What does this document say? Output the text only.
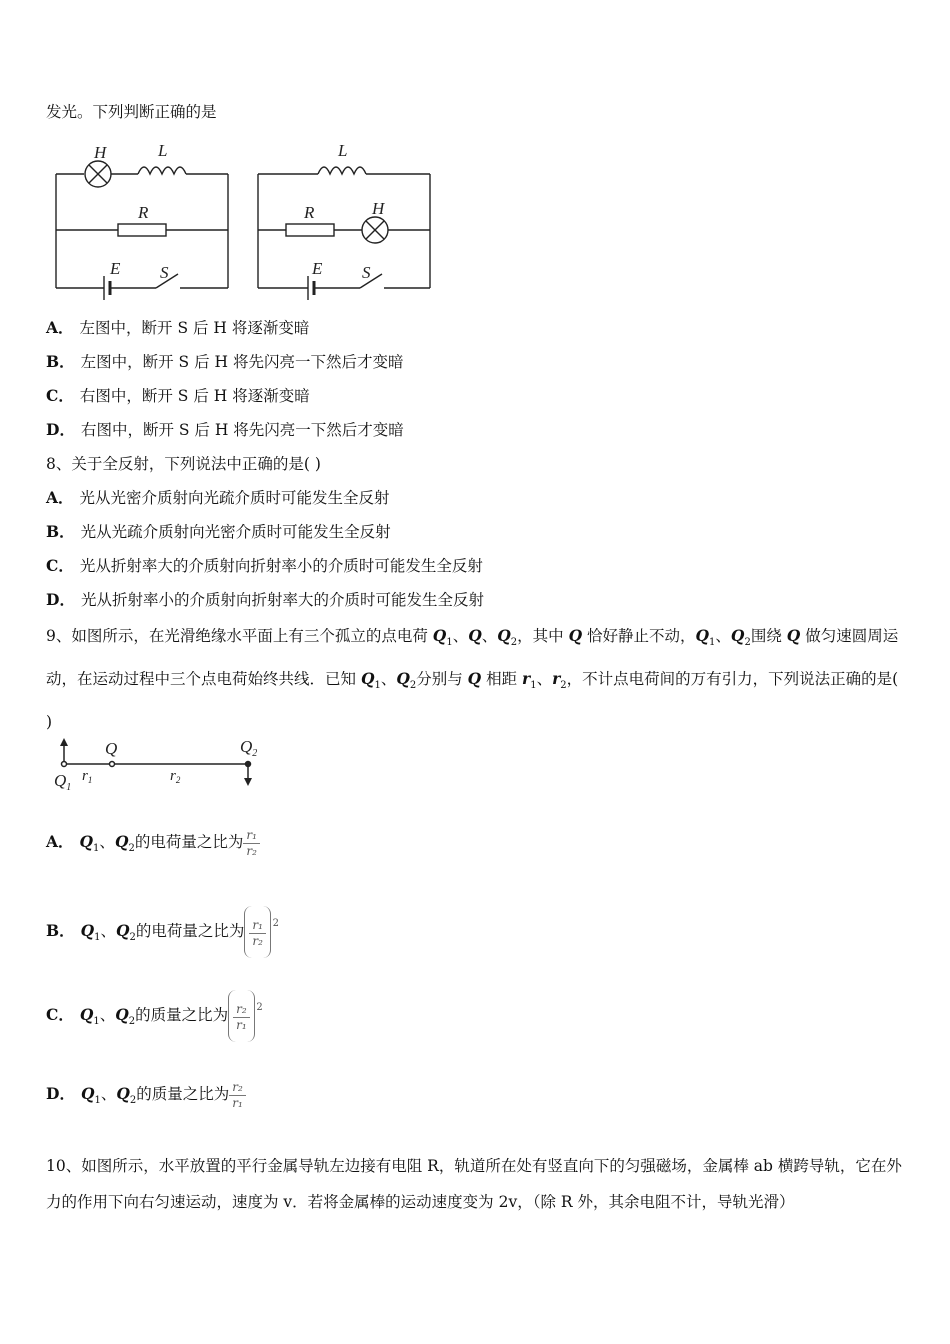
发光。下列判断正确的是
H	L
R
E S
L
R	H
E S
A． 左图中，断开 S 后 H 将逐渐变暗
B． 左图中，断开 S 后 H 将先闪亮一下然后才变暗
C． 右图中，断开 S 后 H 将逐渐变暗
D． 右图中，断开 S 后 H 将先闪亮一下然后才变暗
8、关于全反射，下列说法中正确的是( )
A． 光从光密介质射向光疏介质时可能发生全反射
B． 光从光疏介质射向光密介质时可能发生全反射
C． 光从折射率大的介质射向折射率小的介质时可能发生全反射
D． 光从折射率小的介质射向折射率大的介质时可能发生全反射
9、如图所示，在光滑绝缘水平面上有三个孤立的点电荷 $Q_1$、Q、$Q_2$，其中 Q 恰好静止不动，$Q_1$、$Q_2$围绕 Q 做匀速圆周运动，在运动过程中三个点电荷始终共线．已知 $Q_1$、$Q_2$分别与 Q 相距 $r_1$、$r_2$，不计点电荷间的万有引力，下列说法正确的是( )
$Q_1$
Q	$Q_2$
$r_1$	$r_2$
A． $Q_1$、$Q_2$的电荷量之比为 $\frac{\text{r₁}}{\text{r₂}}$
B． $Q_1$、$Q_2$的电荷量之比为 $\frac{\text{r₁}}{\text{r₂}} 2$
C． $Q_1$、$Q_2$的质量之比为 $\frac{\text{r₂}}{\text{r₁}} 2$
D． $Q_1$、$Q_2$的质量之比为 $\frac{\text{r₂}}{\text{r₁}}$
10、如图所示，水平放置的平行金属导轨左边接有电阻 R，轨道所在处有竖直向下的匀强磁场，金属棒 ab 横跨导轨，它在外力的作用下向右匀速运动，速度为 v．若将金属棒的运动速度变为 2v，（除 R 外，其余电阻不计，导轨光滑）
